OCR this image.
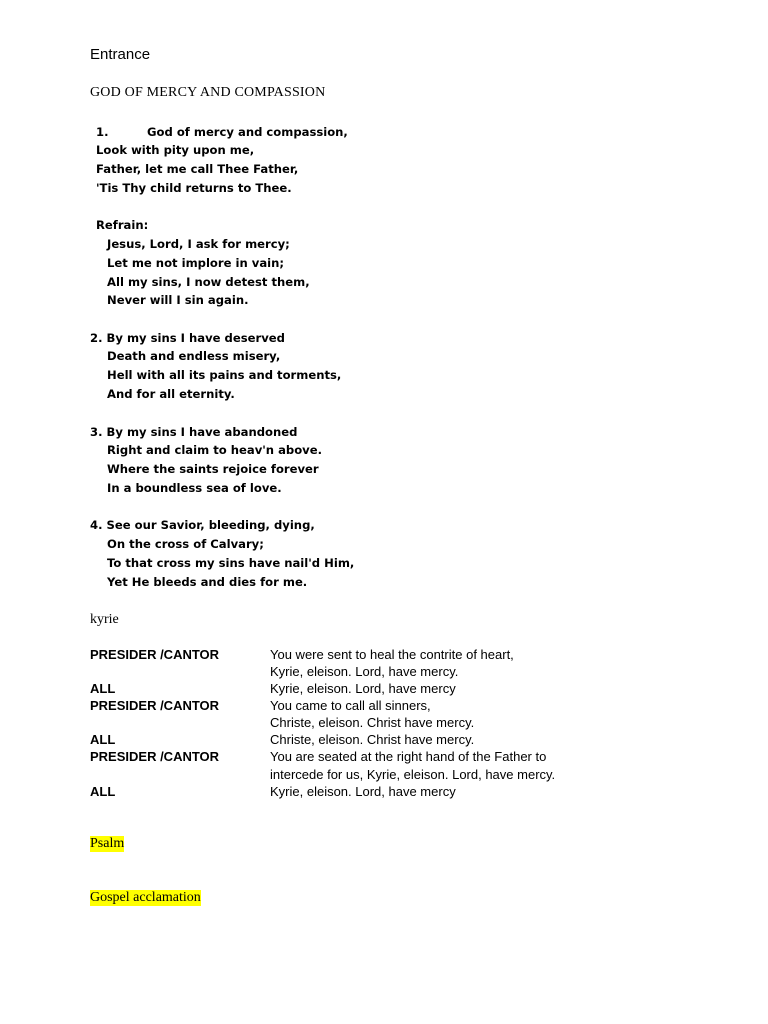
Entrance
GOD OF MERCY AND COMPASSION
1.	God of mercy and compassion,
Look with pity upon me,
Father, let me call Thee Father,
'Tis Thy child returns to Thee.
Refrain:
Jesus, Lord, I ask for mercy;
Let me not implore in vain;
All my sins, I now detest them,
Never will I sin again.
2. By my sins I have deserved
Death and endless misery,
Hell with all its pains and torments,
And for all eternity.
3. By my sins I have abandoned
Right and claim to heav'n above.
Where the saints rejoice forever
In a boundless sea of love.
4. See our Savior, bleeding, dying,
On the cross of Calvary;
To that cross my sins have nail'd Him,
Yet He bleeds and dies for me.
kyrie
PRESIDER /CANTOR	You were sent to heal the contrite of heart,
Kyrie, eleison. Lord, have mercy.
ALL	Kyrie, eleison. Lord, have mercy
PRESIDER /CANTOR	You came to call all sinners,
Christe, eleison. Christ have mercy.
ALL	Christe, eleison. Christ have mercy.
PRESIDER /CANTOR	You are seated at the right hand of the Father to
intercede for us, Kyrie, eleison. Lord, have mercy.
ALL	Kyrie, eleison. Lord, have mercy
Psalm
Gospel acclamation
